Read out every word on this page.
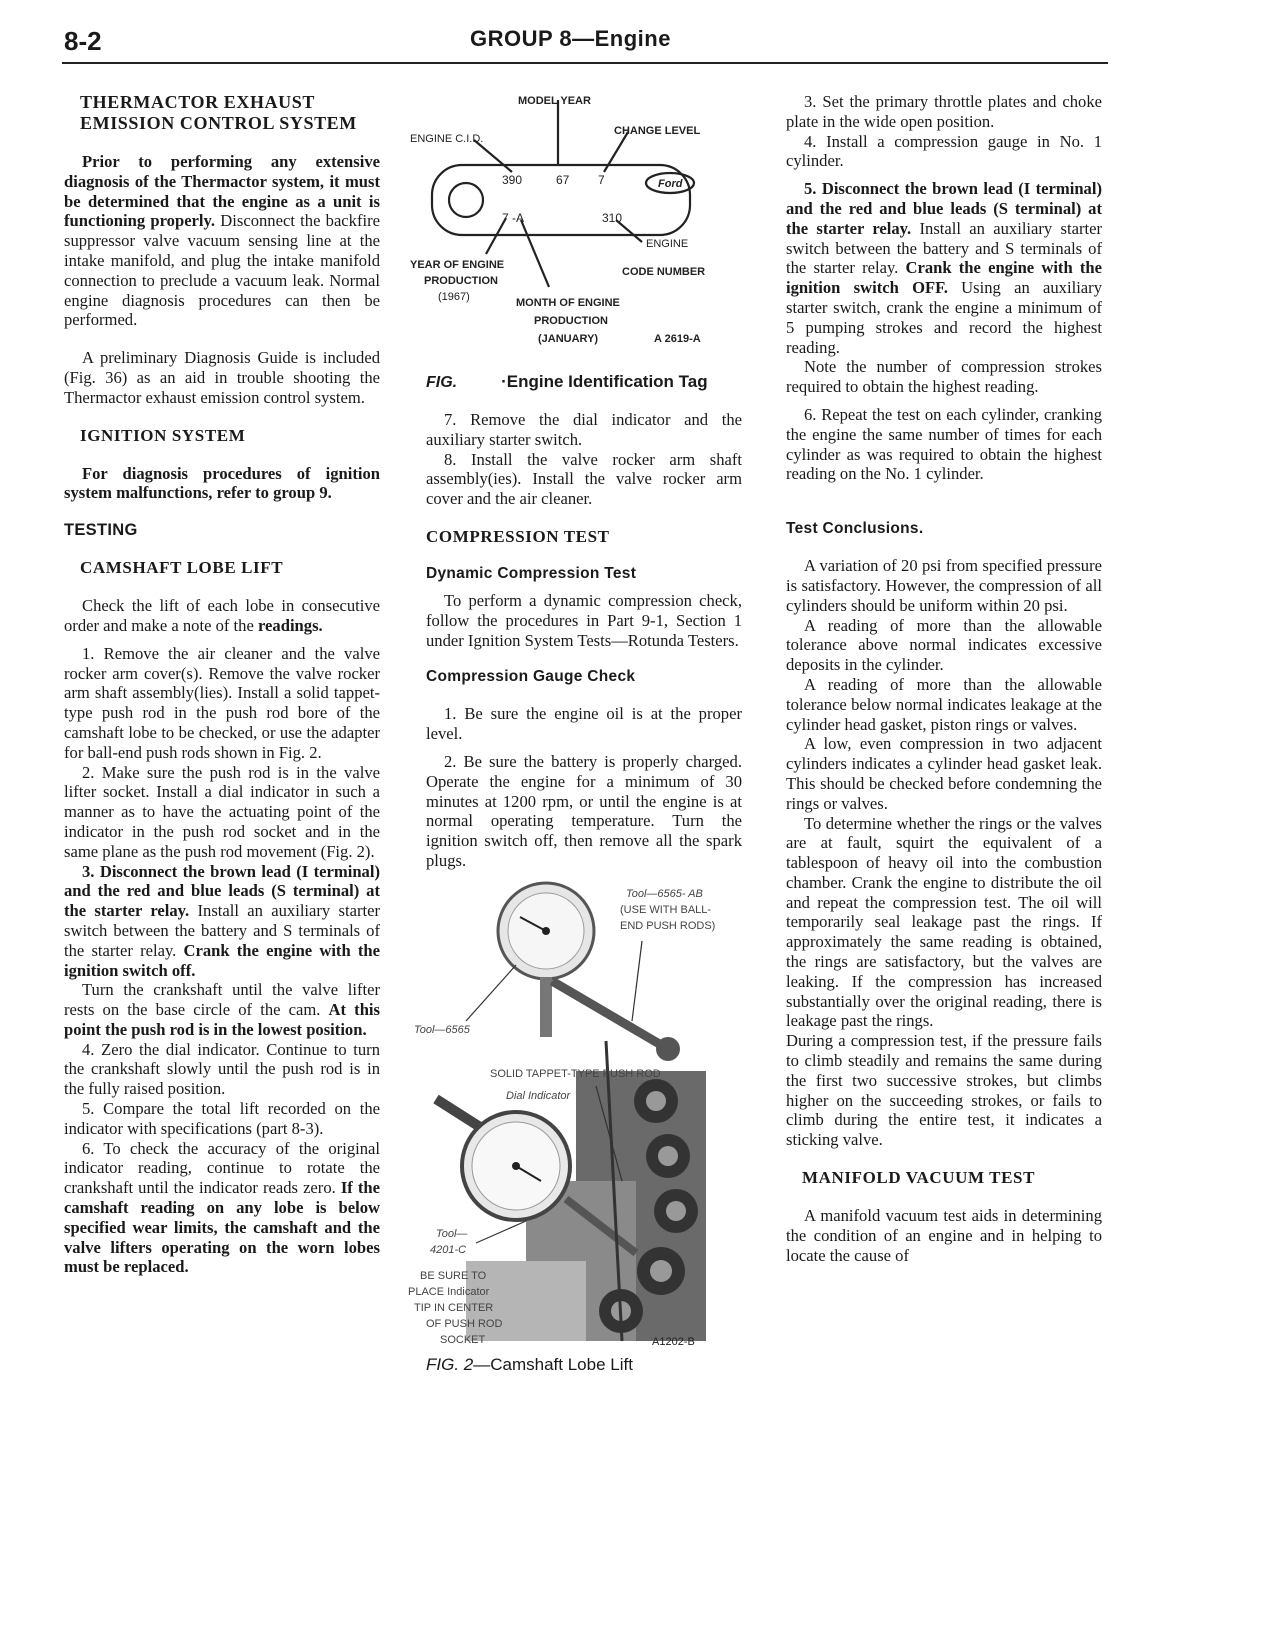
8-2	GROUP 8—Engine
THERMACTOR EXHAUST
EMISSION CONTROL SYSTEM

Prior to performing any extensive diagnosis of the Thermactor system, it must be determined that the engine as a unit is functioning properly. Disconnect the backfire suppressor valve vacuum sensing line at the intake manifold, and plug the intake manifold connection to preclude a vacuum leak. Normal engine diagnosis procedures can then be performed.

A preliminary Diagnosis Guide is included (Fig. 36) as an aid in trouble shooting the Thermactor exhaust emission control system.

IGNITION SYSTEM

For diagnosis procedures of ignition system malfunctions, refer to group 9.

TESTING
CAMSHAFT LOBE LIFT

Check the lift of each lobe in consecutive order and make a note of the readings.

1. Remove the air cleaner and the valve rocker arm cover(s). Remove the valve rocker arm shaft assembly(lies). Install a solid tappet-type push rod in the push rod bore of the camshaft lobe to be checked, or use the adapter for ball-end push rods shown in Fig. 2.

2. Make sure the push rod is in the valve lifter socket. Install a dial indicator in such a manner as to have the actuating point of the indicator in the push rod socket and in the same plane as the push rod movement (Fig. 2).

3. Disconnect the brown lead (I terminal) and the red and blue leads (S terminal) at the starter relay. Install an auxiliary starter switch between the battery and S terminals of the starter relay. Crank the engine with the ignition switch off.

Turn the crankshaft until the valve lifter rests on the base circle of the cam. At this point the push rod is in the lowest position.

4. Zero the dial indicator. Continue to turn the crankshaft slowly until the push rod is in the fully raised position.

5. Compare the total lift recorded on the indicator with specifications (part 8-3).

6. To check the accuracy of the original indicator reading, continue to rotate the crankshaft until the indicator reads zero. If the camshaft reading on any lobe is below specified wear limits, the camshaft and the valve lifters operating on the worn lobes must be replaced.

MODEL YEAR
ENGINE C.I.D.
CHANGE LEVEL
390	67 7	Ford
7 -A	310
YEAR OF ENGINE
PRODUCTION
(1967)
ENGINE
CODE NUMBER
MONTH OF ENGINE
PRODUCTION
(JANUARY)	A 2619-A
FIG.	·Engine Identification Tag

7. Remove the dial indicator and the auxiliary starter switch.

8. Install the valve rocker arm shaft assembly(ies). Install the valve rocker arm cover and the air cleaner.

COMPRESSION TEST
Dynamic Compression Test

To perform a dynamic compression check, follow the procedures in Part 9-1, Section 1 under Ignition System Tests—Rotunda Testers.

Compression Gauge Check

1. Be sure the engine oil is at the proper level.

2. Be sure the battery is properly charged. Operate the engine for a minimum of 30 minutes at 1200 rpm, or until the engine is at normal operating temperature. Turn the ignition switch off, then remove all the spark plugs.

Tool—6565- AB
(USE WITH BALL-
END PUSH RODS)
Tool—6565
SOLID TAPPET-TYPE PUSH ROD
Dial Indicator
Tool—
4201-C
BE SURE TO
PLACE Indicator
TIP IN CENTER
OF PUSH ROD
SOCKET	A1202-B
FIG. 2—Camshaft Lobe Lift

3. Set the primary throttle plates and choke plate in the wide open position.

4. Install a compression gauge in No. 1 cylinder.

5. Disconnect the brown lead (I terminal) and the red and blue leads (S terminal) at the starter relay. Install an auxiliary starter switch between the battery and S terminals of the starter relay. Crank the engine with the ignition switch OFF. Using an auxiliary starter switch, crank the engine a minimum of 5 pumping strokes and record the highest reading.

Note the number of compression strokes required to obtain the highest reading.

6. Repeat the test on each cylinder, cranking the engine the same number of times for each cylinder as was required to obtain the highest reading on the No. 1 cylinder.

Test Conclusions.

A variation of 20 psi from specified pressure is satisfactory. However, the compression of all cylinders should be uniform within 20 psi.

A reading of more than the allowable tolerance above normal indicates excessive deposits in the cylinder.

A reading of more than the allowable tolerance below normal indicates leakage at the cylinder head gasket, piston rings or valves.

A low, even compression in two adjacent cylinders indicates a cylinder head gasket leak. This should be checked before condemning the rings or valves.

To determine whether the rings or the valves are at fault, squirt the equivalent of a tablespoon of heavy oil into the combustion chamber. Crank the engine to distribute the oil and repeat the compression test. The oil will temporarily seal leakage past the rings. If approximately the same reading is obtained, the rings are satisfactory, but the valves are leaking. If the compression has increased substantially over the original reading, there is leakage past the rings.

During a compression test, if the pressure fails to climb steadily and remains the same during the first two successive strokes, but climbs higher on the succeeding strokes, or fails to climb during the entire test, it indicates a sticking valve.

MANIFOLD VACUUM TEST

A manifold vacuum test aids in determining the condition of an engine and in helping to locate the cause of
